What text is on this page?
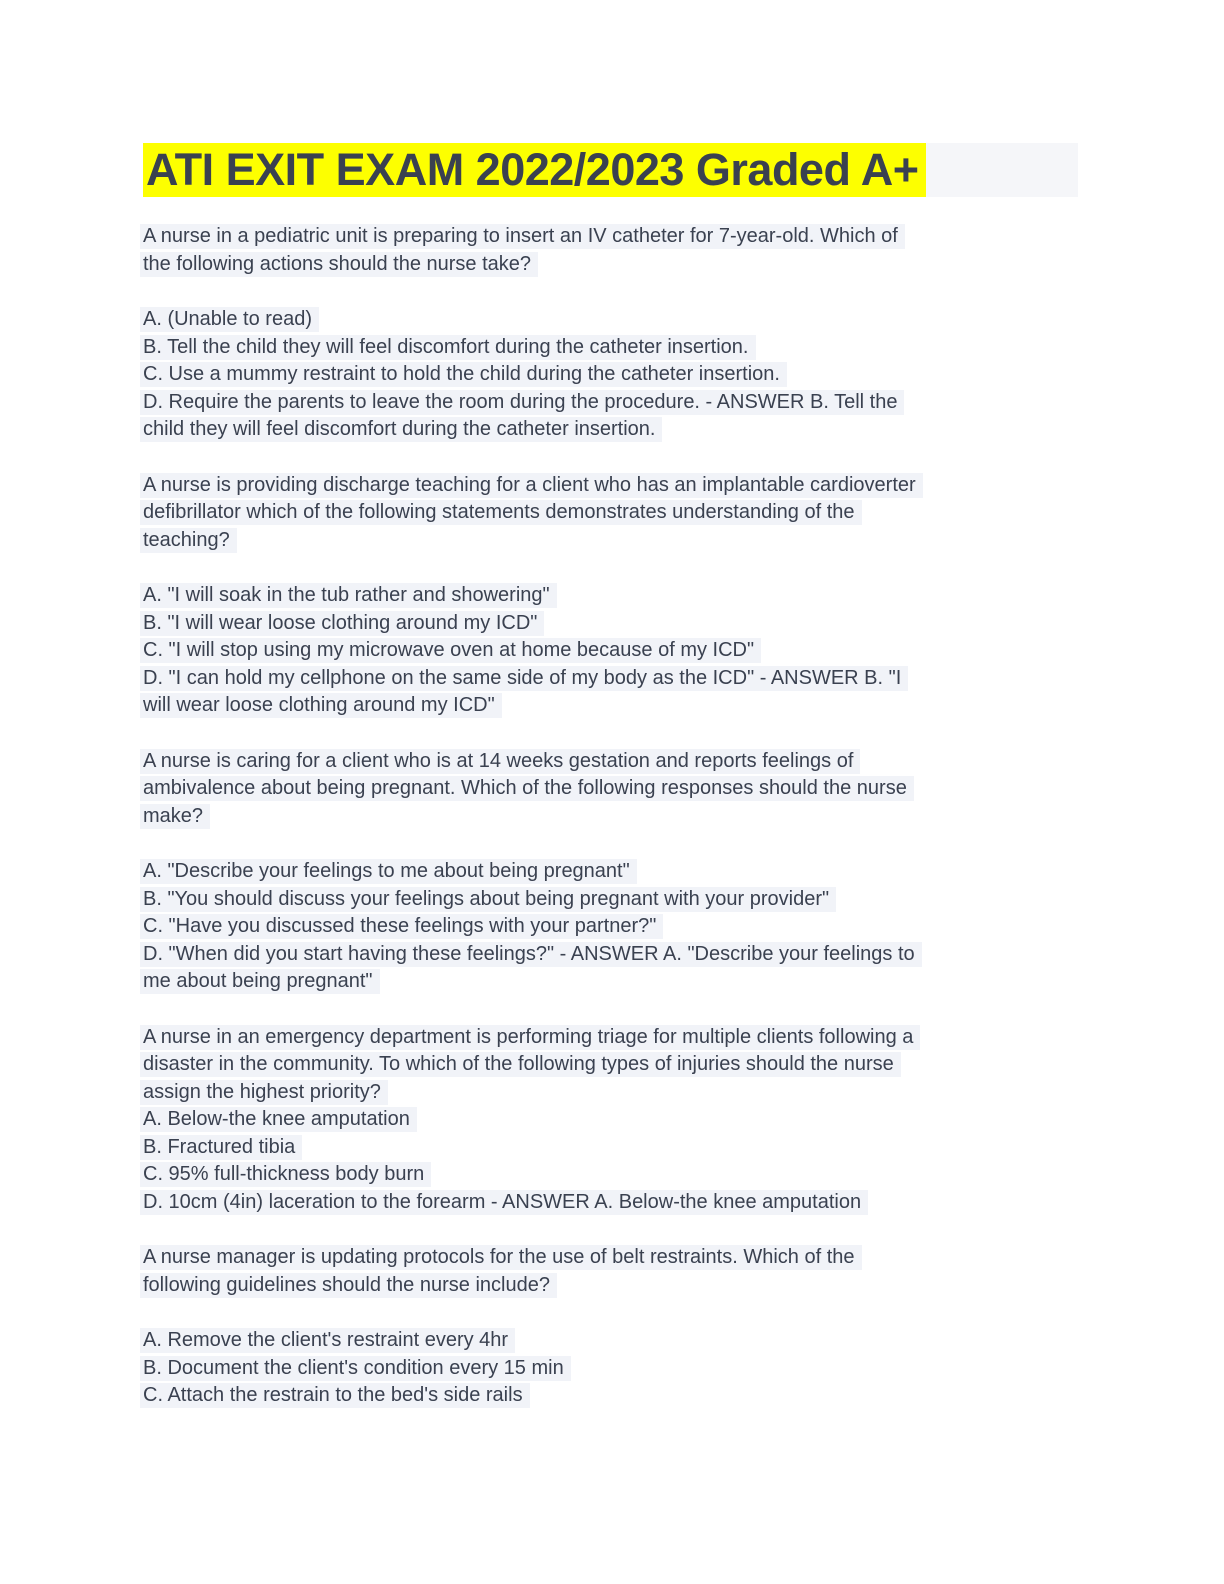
ATI EXIT EXAM 2022/2023 Graded A+
A nurse in a pediatric unit is preparing to insert an IV catheter for 7-year-old. Which of
the following actions should the nurse take?
A. (Unable to read)
B. Tell the child they will feel discomfort during the catheter insertion.
C. Use a mummy restraint to hold the child during the catheter insertion.
D. Require the parents to leave the room during the procedure. - ANSWER B. Tell the
child they will feel discomfort during the catheter insertion.
A nurse is providing discharge teaching for a client who has an implantable cardioverter
defibrillator which of the following statements demonstrates understanding of the
teaching?
A. "I will soak in the tub rather and showering"
B. "I will wear loose clothing around my ICD"
C. "I will stop using my microwave oven at home because of my ICD"
D. "I can hold my cellphone on the same side of my body as the ICD" - ANSWER B. "I
will wear loose clothing around my ICD"
A nurse is caring for a client who is at 14 weeks gestation and reports feelings of
ambivalence about being pregnant. Which of the following responses should the nurse
make?
A. "Describe your feelings to me about being pregnant"
B. "You should discuss your feelings about being pregnant with your provider"
C. "Have you discussed these feelings with your partner?"
D. "When did you start having these feelings?" - ANSWER A. "Describe your feelings to
me about being pregnant"
A nurse in an emergency department is performing triage for multiple clients following a
disaster in the community. To which of the following types of injuries should the nurse
assign the highest priority?
A. Below-the knee amputation
B. Fractured tibia
C. 95% full-thickness body burn
D. 10cm (4in) laceration to the forearm - ANSWER A. Below-the knee amputation
A nurse manager is updating protocols for the use of belt restraints. Which of the
following guidelines should the nurse include?
A. Remove the client's restraint every 4hr
B. Document the client's condition every 15 min
C. Attach the restrain to the bed's side rails
